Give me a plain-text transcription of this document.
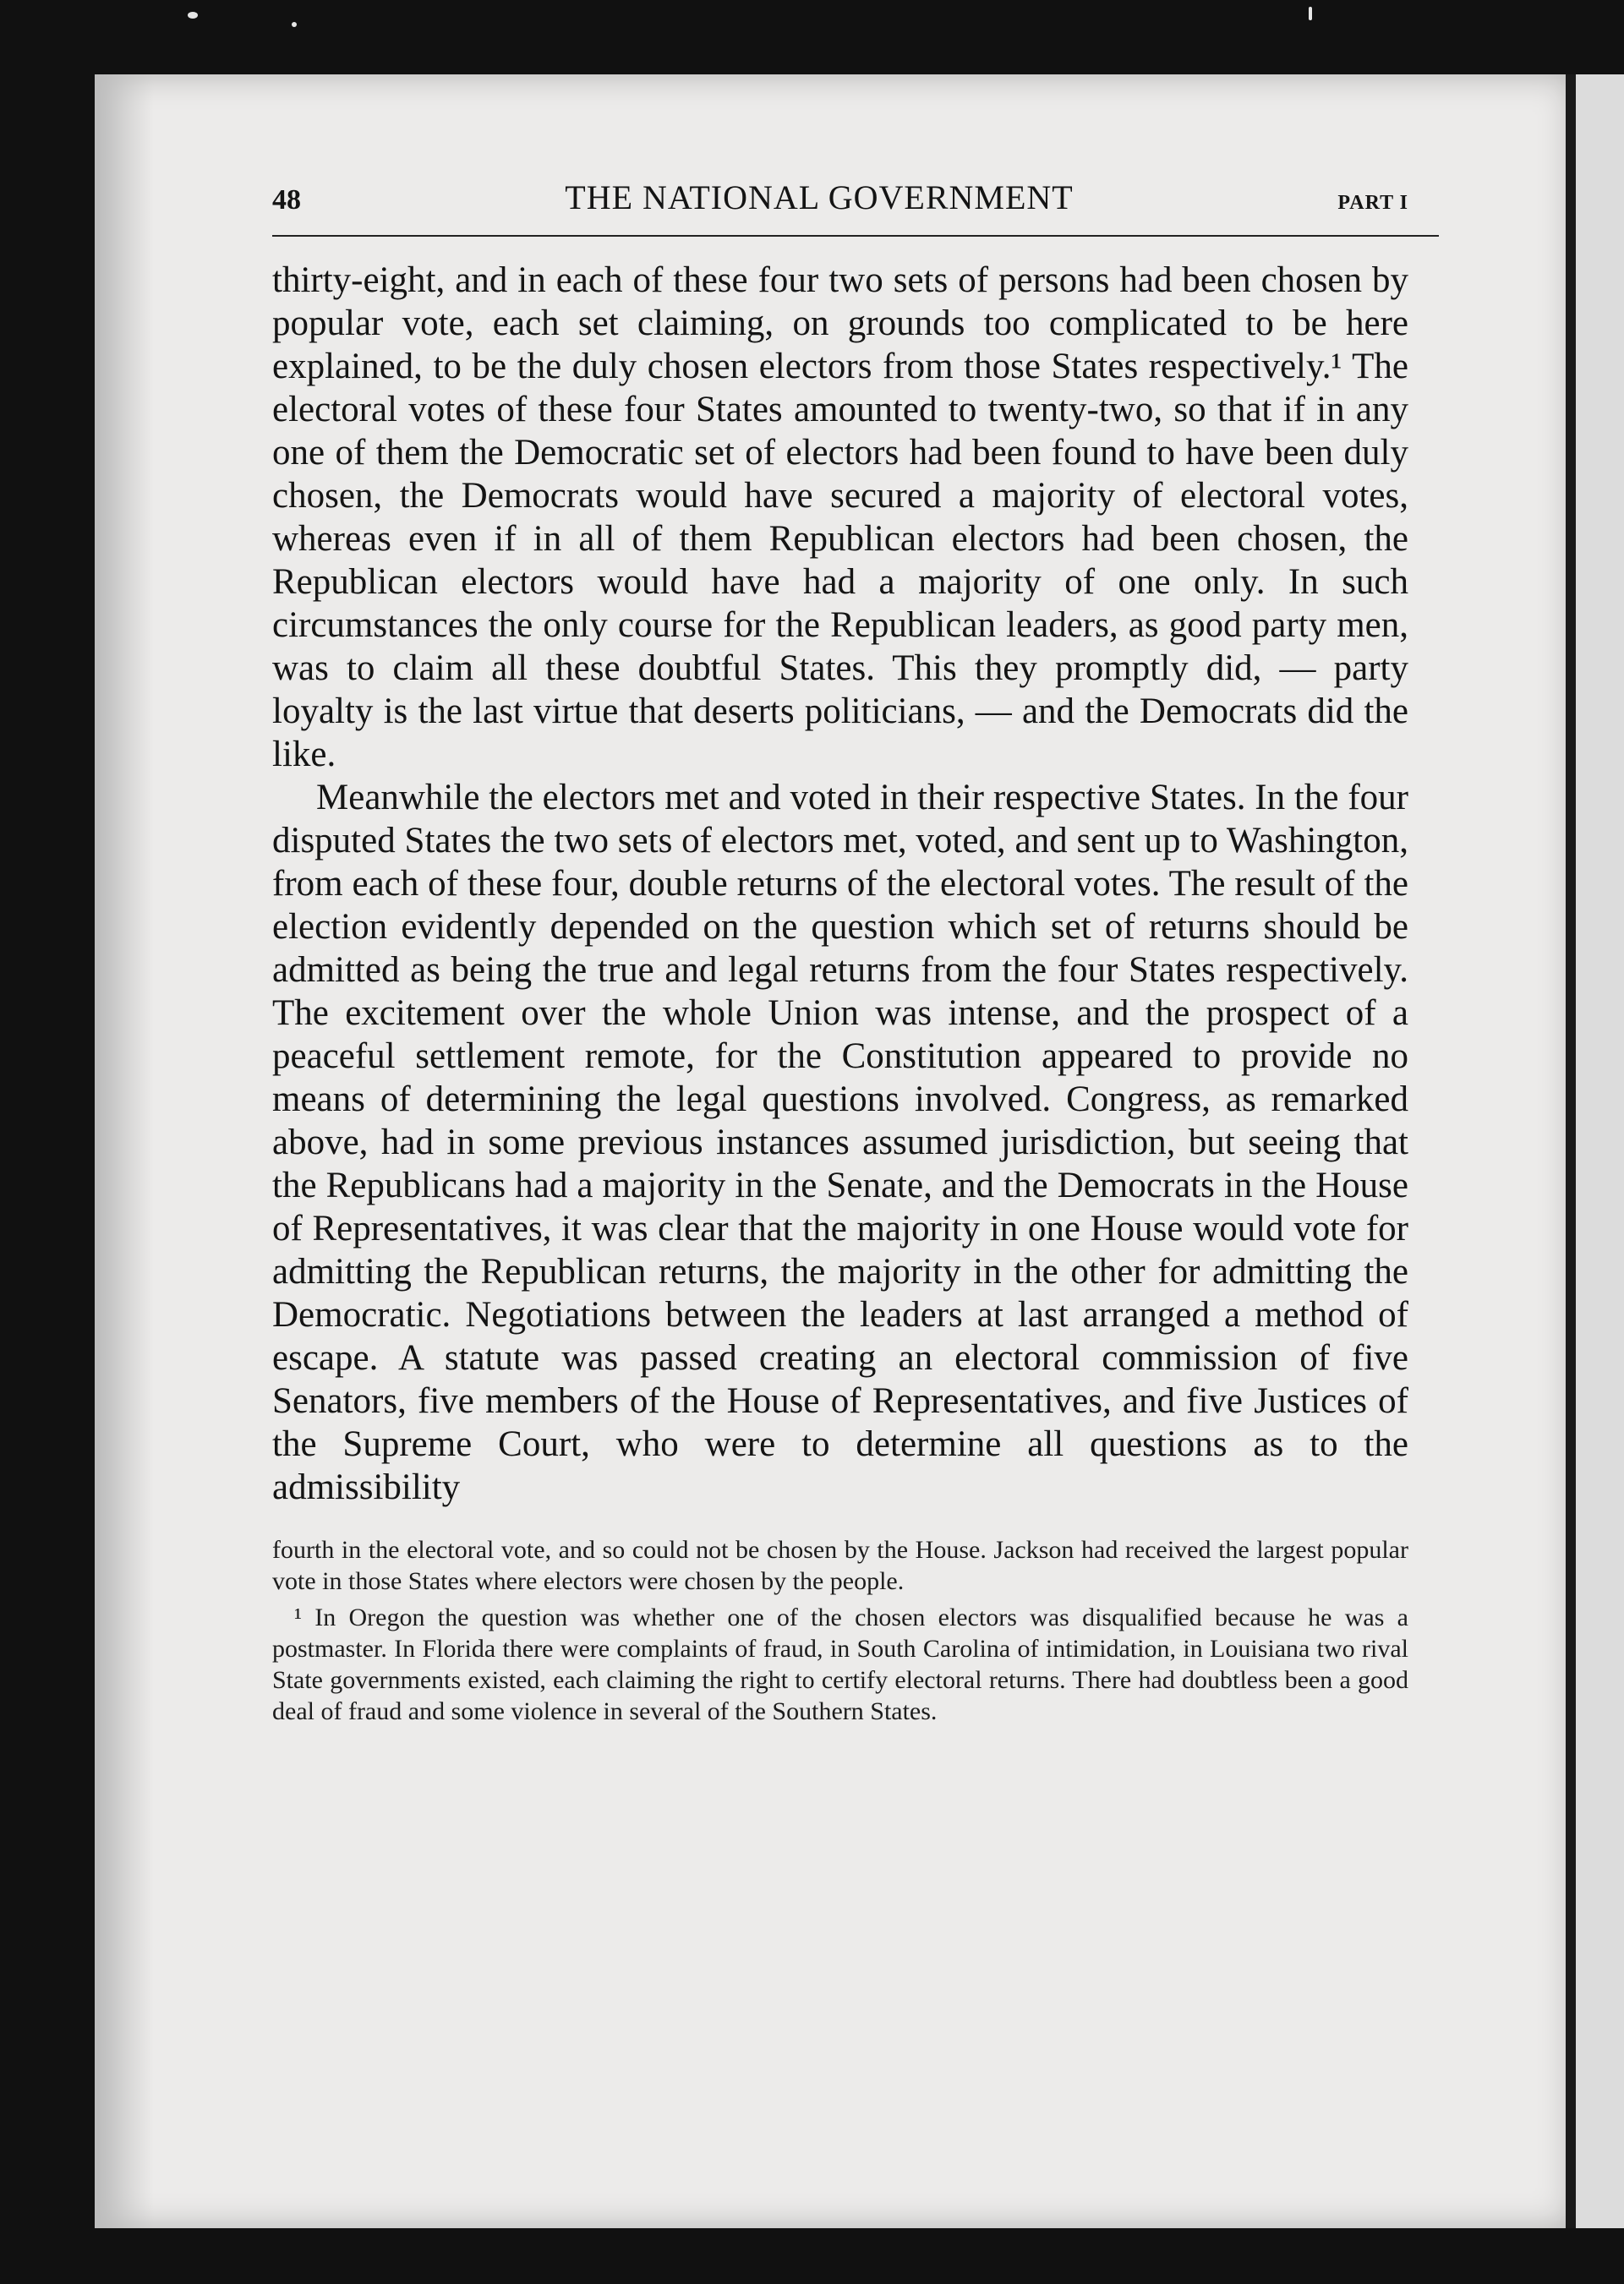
48	THE NATIONAL GOVERNMENT	PART I

thirty-eight, and in each of these four two sets of persons had been chosen by popular vote, each set claiming, on grounds too complicated to be here explained, to be the duly chosen electors from those States respectively.¹ The electoral votes of these four States amounted to twenty-two, so that if in any one of them the Democratic set of electors had been found to have been duly chosen, the Democrats would have secured a majority of electoral votes, whereas even if in all of them Republican electors had been chosen, the Republican electors would have had a majority of one only. In such circumstances the only course for the Republican leaders, as good party men, was to claim all these doubtful States. This they promptly did, — party loyalty is the last virtue that deserts politicians, — and the Democrats did the like.

Meanwhile the electors met and voted in their respective States. In the four disputed States the two sets of electors met, voted, and sent up to Washington, from each of these four, double returns of the electoral votes. The result of the election evidently depended on the question which set of returns should be admitted as being the true and legal returns from the four States respectively. The excitement over the whole Union was intense, and the prospect of a peaceful settlement remote, for the Constitution appeared to provide no means of determining the legal questions involved. Congress, as remarked above, had in some previous instances assumed jurisdiction, but seeing that the Republicans had a majority in the Senate, and the Democrats in the House of Representatives, it was clear that the majority in one House would vote for admitting the Republican returns, the majority in the other for admitting the Democratic. Negotiations between the leaders at last arranged a method of escape. A statute was passed creating an electoral commission of five Senators, five members of the House of Representatives, and five Justices of the Supreme Court, who were to determine all questions as to the admissibility

fourth in the electoral vote, and so could not be chosen by the House. Jackson had received the largest popular vote in those States where electors were chosen by the people.

¹ In Oregon the question was whether one of the chosen electors was disqualified because he was a postmaster. In Florida there were complaints of fraud, in South Carolina of intimidation, in Louisiana two rival State governments existed, each claiming the right to certify electoral returns. There had doubtless been a good deal of fraud and some violence in several of the Southern States.
